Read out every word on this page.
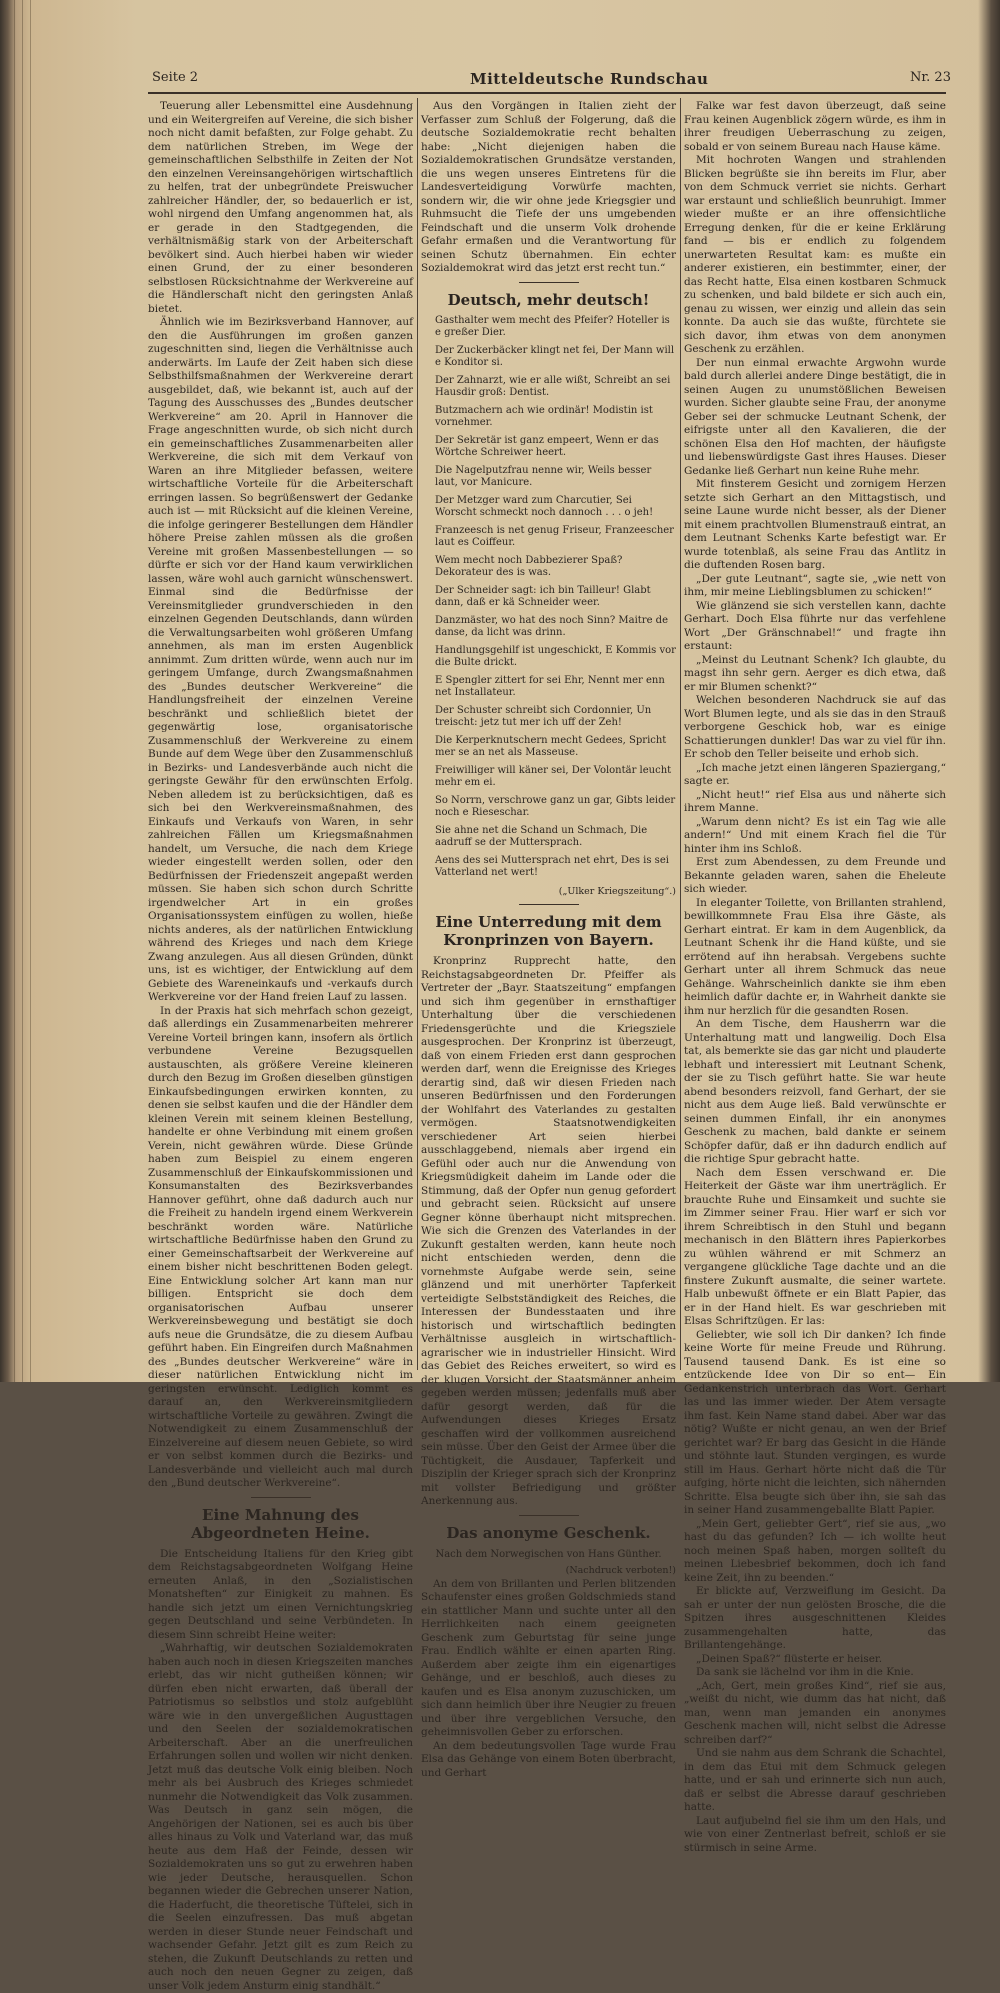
Seite 2	Mitteldeutsche Rundschau	Nr. 23

Teuerung aller Lebensmittel eine Ausdehnung und ein Weitergreifen auf Vereine, die sich bisher noch nicht damit befaßten, zur Folge gehabt. Zu dem natürlichen Streben, im Wege der gemeinschaftlichen Selbsthilfe in Zeiten der Not den einzelnen Vereinsangehörigen wirtschaftlich zu helfen, trat der unbegründete Preiswucher zahlreicher Händler, der, so bedauerlich er ist, wohl nirgend den Umfang angenommen hat, als er gerade in den Stadtgegenden, die verhältnismäßig stark von der Arbeiterschaft bevölkert sind. Auch hierbei haben wir wieder einen Grund, der zu einer besonderen selbstlosen Rücksichtnahme der Werkvereine auf die Händlerschaft nicht den geringsten Anlaß bietet.

Ähnlich wie im Bezirksverband Hannover, auf den die Ausführungen im großen ganzen zugeschnitten sind, liegen die Verhältnisse auch anderwärts. Im Laufe der Zeit haben sich diese Selbsthilfsmaßnahmen der Werkvereine derart ausgebildet, daß, wie bekannt ist, auch auf der Tagung des Ausschusses des „Bundes deutscher Werkvereine“ am 20. April in Hannover die Frage angeschnitten wurde, ob sich nicht durch ein gemeinschaftliches Zusammenarbeiten aller Werkvereine, die sich mit dem Verkauf von Waren an ihre Mitglieder befassen, weitere wirtschaftliche Vorteile für die Arbeiterschaft erringen lassen. So begrüßenswert der Gedanke auch ist — mit Rücksicht auf die kleinen Vereine, die infolge geringerer Bestellungen dem Händler höhere Preise zahlen müssen als die großen Vereine mit großen Massenbestellungen — so dürfte er sich vor der Hand kaum verwirklichen lassen, wäre wohl auch garnicht wünschenswert. Einmal sind die Bedürfnisse der Vereinsmitglieder grundverschieden in den einzelnen Gegenden Deutschlands, dann würden die Verwaltungsarbeiten wohl größeren Umfang annehmen, als man im ersten Augenblick annimmt. Zum dritten würde, wenn auch nur im geringem Umfange, durch Zwangsmaßnahmen des „Bundes deutscher Werkvereine“ die Handlungsfreiheit der einzelnen Vereine beschränkt und schließlich bietet der gegenwärtig lose, organisatorische Zusammenschluß der Werkvereine zu einem Bunde auf dem Wege über den Zusammenschluß in Bezirks- und Landesverbände auch nicht die geringste Gewähr für den erwünschten Erfolg. Neben alledem ist zu berücksichtigen, daß es sich bei den Werkvereinsmaßnahmen, des Einkaufs und Verkaufs von Waren, in sehr zahlreichen Fällen um Kriegsmaßnahmen handelt, um Versuche, die nach dem Kriege wieder eingestellt werden sollen, oder den Bedürfnissen der Friedenszeit angepaßt werden müssen. Sie haben sich schon durch Schritte irgendwelcher Art in ein großes Organisationssystem einfügen zu wollen, hieße nichts anderes, als der natürlichen Entwicklung während des Krieges und nach dem Kriege Zwang anzulegen. Aus all diesen Gründen, dünkt uns, ist es wichtiger, der Entwicklung auf dem Gebiete des Wareneinkaufs und -verkaufs durch Werkvereine vor der Hand freien Lauf zu lassen.

In der Praxis hat sich mehrfach schon gezeigt, daß allerdings ein Zusammenarbeiten mehrerer Vereine Vorteil bringen kann, insofern als örtlich verbundene Vereine Bezugsquellen austauschten, als größere Vereine kleineren durch den Bezug im Großen dieselben günstigen Einkaufsbedingungen erwirken konnten, zu denen sie selbst kaufen und die der Händler dem kleinen Verein mit seinem kleinen Bestellung, handelte er ohne Verbindung mit einem großen Verein, nicht gewähren würde. Diese Gründe haben zum Beispiel zu einem engeren Zusammenschluß der Einkaufskommissionen und Konsumanstalten des Bezirksverbandes Hannover geführt, ohne daß dadurch auch nur die Freiheit zu handeln irgend einem Werkverein beschränkt worden wäre. Natürliche wirtschaftliche Bedürfnisse haben den Grund zu einer Gemeinschaftsarbeit der Werkvereine auf einem bisher nicht beschrittenen Boden gelegt. Eine Entwicklung solcher Art kann man nur billigen. Entspricht sie doch dem organisatorischen Aufbau unserer Werkvereinsbewegung und bestätigt sie doch aufs neue die Grundsätze, die zu diesem Aufbau geführt haben. Ein Eingreifen durch Maßnahmen des „Bundes deutscher Werkvereine“ wäre in dieser natürlichen Entwicklung nicht im geringsten erwünscht. Lediglich kommt es darauf an, den Werkvereinsmitgliedern wirtschaftliche Vorteile zu gewähren. Zwingt die Notwendigkeit zu einem Zusammenschluß der Einzelvereine auf diesem neuen Gebiete, so wird er von selbst kommen durch die Bezirks- und Landesverbände und vielleicht auch mal durch den „Bund deutscher Werkvereine“.

Eine Mahnung des Abgeordneten Heine.

Die Entscheidung Italiens für den Krieg gibt dem Reichstagsabgeordneten Wolfgang Heine erneuten Anlaß, in den „Sozialistischen Monatsheften“ zur Einigkeit zu mahnen. Es handle sich jetzt um einen Vernichtungskrieg gegen Deutschland und seine Verbündeten. In diesem Sinn schreibt Heine weiter:

„Wahrhaftig, wir deutschen Sozialdemokraten haben auch noch in diesen Kriegszeiten manches erlebt, das wir nicht gutheißen können; wir dürfen eben nicht erwarten, daß überall der Patriotismus so selbstlos und stolz aufgeblüht wäre wie in den unvergeßlichen Augusttagen und den Seelen der sozialdemokratischen Arbeiterschaft. Aber an die unerfreulichen Erfahrungen sollen und wollen wir nicht denken. Jetzt muß das deutsche Volk einig bleiben. Noch mehr als bei Ausbruch des Krieges schmiedet nunmehr die Notwendigkeit das Volk zusammen. Was Deutsch in ganz sein mögen, die Angehörigen der Nationen, sei es auch bis über alles hinaus zu Volk und Vaterland war, das muß heute aus dem Haß der Feinde, dessen wir Sozialdemokraten uns so gut zu erwehren haben wie jeder Deutsche, herausquellen. Schon begannen wieder die Gebrechen unserer Nation, die Haderfucht, die theoretische Tüftelei, sich in die Seelen einzufressen. Das muß abgetan werden in dieser Stunde neuer Feindschaft und wachsender Gefahr. Jetzt gilt es zum Reich zu stehen, die Zukunft Deutschlands zu retten und auch noch den neuen Gegner zu zeigen, daß unser Volk jedem Ansturm einig standhält.“

Aus den Vorgängen in Italien zieht der Verfasser zum Schluß der Folgerung, daß die deutsche Sozialdemokratie recht behalten habe: „Nicht diejenigen haben die Sozialdemokratischen Grundsätze verstanden, die uns wegen unseres Eintretens für die Landesverteidigung Vorwürfe machten, sondern wir, die wir ohne jede Kriegsgier und Ruhmsucht die Tiefe der uns umgebenden Feindschaft und die unserm Volk drohende Gefahr ermaßen und die Verantwortung für seinen Schutz übernahmen. Ein echter Sozialdemokrat wird das jetzt erst recht tun.“

Deutsch, mehr deutsch!

Gasthalter wem mecht des Pfeifer? Hoteller is e greßer Dier.

Der Zuckerbäcker klingt net fei, Der Mann will e Konditor si.

Der Zahnarzt, wie er alle wißt, Schreibt an sei Hausdir groß: Dentist.

Butzmachern ach wie ordinär! Modistin ist vornehmer.

Der Sekretär ist ganz empeert, Wenn er das Wörtche Schreiwer heert.

Die Nagelputzfrau nenne wir, Weils besser laut, vor Manicure.

Der Metzger ward zum Charcutier, Sei Worscht schmeckt noch dannoch . . . o jeh!

Franzeesch is net genug Friseur, Franzeescher laut es Coiffeur.

Wem mecht noch Dabbezierer Spaß? Dekorateur des is was.

Der Schneider sagt: ich bin Tailleur! Glabt dann, daß er kä Schneider weer.

Danzmäster, wo hat des noch Sinn? Maitre de danse, da licht was drinn.

Handlungsgehilf ist ungeschickt, E Kommis vor die Bulte drickt.

E Spengler zittert for sei Ehr, Nennt mer enn net Installateur.

Der Schuster schreibt sich Cordonnier, Un treischt: jetz tut mer ich uff der Zeh!

Die Kerperknutschern mecht Gedees, Spricht mer se an net als Masseuse.

Freiwilliger will käner sei, Der Volontär leucht mehr em ei.

So Norrn, verschrowe ganz un gar, Gibts leider noch e Rieseschar.

Sie ahne net die Schand un Schmach, Die aadruff se der Muttersprach.

Aens des sei Muttersprach net ehrt, Des is sei Vatterland net wert!

(„Ulker Kriegszeitung“.)

Eine Unterredung mit dem Kronprinzen von Bayern.

Kronprinz Rupprecht hatte, den Reichstagsabgeordneten Dr. Pfeiffer als Vertreter der „Bayr. Staatszeitung“ empfangen und sich ihm gegenüber in ernsthaftiger Unterhaltung über die verschiedenen Friedensgerüchte und die Kriegsziele ausgesprochen. Der Kronprinz ist überzeugt, daß von einem Frieden erst dann gesprochen werden darf, wenn die Ereignisse des Krieges derartig sind, daß wir diesen Frieden nach unseren Bedürfnissen und den Forderungen der Wohlfahrt des Vaterlandes zu gestalten vermögen. Staatsnotwendigkeiten verschiedener Art seien hierbei ausschlaggebend, niemals aber irgend ein Gefühl oder auch nur die Anwendung von Kriegsmüdigkeit daheim im Lande oder die Stimmung, daß der Opfer nun genug gefordert und gebracht seien. Rücksicht auf unsere Gegner könne überhaupt nicht mitsprechen. Wie sich die Grenzen des Vaterlandes in der Zukunft gestalten werden, kann heute noch nicht entschieden werden, denn die vornehmste Aufgabe werde sein, seine glänzend und mit unerhörter Tapferkeit verteidigte Selbstständigkeit des Reiches, die Interessen der Bundesstaaten und ihre historisch und wirtschaftlich bedingten Verhältnisse ausgleich in wirtschaftlich-agrarischer wie in industrieller Hinsicht. Wird das Gebiet des Reiches erweitert, so wird es der klugen Vorsicht der Staatsmänner anheim gegeben werden müssen; jedenfalls muß aber dafür gesorgt werden, daß für die Aufwendungen dieses Krieges Ersatz geschaffen wird der vollkommen ausreichend sein müsse. Über den Geist der Armee über die Tüchtigkeit, die Ausdauer, Tapferkeit und Disziplin der Krieger sprach sich der Kronprinz mit vollster Befriedigung und größter Anerkennung aus.

Das anonyme Geschenk.

Nach dem Norwegischen von Hans Günther.

(Nachdruck verboten!)

An dem von Brillanten und Perlen blitzenden Schaufenster eines großen Goldschmieds stand ein stattlicher Mann und suchte unter all den Herrlichkeiten nach einem geeigneten Geschenk zum Geburtstag für seine junge Frau. Endlich wählte er einen aparten Ring. Außerdem aber zeigte ihm ein eigenartiges Gehänge, und er beschloß, auch dieses zu kaufen und es Elsa anonym zuzuschicken, um sich dann heimlich über ihre Neugier zu freuen und über ihre vergeblichen Versuche, den geheimnisvollen Geber zu erforschen.

An dem bedeutungsvollen Tage wurde Frau Elsa das Gehänge von einem Boten überbracht, und Gerhart

Falke war fest davon überzeugt, daß seine Frau keinen Augenblick zögern würde, es ihm in ihrer freudigen Ueberraschung zu zeigen, sobald er von seinem Bureau nach Hause käme.

Mit hochroten Wangen und strahlenden Blicken begrüßte sie ihn bereits im Flur, aber von dem Schmuck verriet sie nichts. Gerhart war erstaunt und schließlich beunruhigt. Immer wieder mußte er an ihre offensichtliche Erregung denken, für die er keine Erklärung fand — bis er endlich zu folgendem unerwarteten Resultat kam: es mußte ein anderer existieren, ein bestimmter, einer, der das Recht hatte, Elsa einen kostbaren Schmuck zu schenken, und bald bildete er sich auch ein, genau zu wissen, wer einzig und allein das sein konnte. Da auch sie das wußte, fürchtete sie sich davor, ihm etwas von dem anonymen Geschenk zu erzählen.

Der nun einmal erwachte Argwohn wurde bald durch allerlei andere Dinge bestätigt, die in seinen Augen zu unumstößlichen Beweisen wurden. Sicher glaubte seine Frau, der anonyme Geber sei der schmucke Leutnant Schenk, der eifrigste unter all den Kavalieren, die der schönen Elsa den Hof machten, der häufigste und liebenswürdigste Gast ihres Hauses. Dieser Gedanke ließ Gerhart nun keine Ruhe mehr.

Mit finsterem Gesicht und zornigem Herzen setzte sich Gerhart an den Mittagstisch, und seine Laune wurde nicht besser, als der Diener mit einem prachtvollen Blumenstrauß eintrat, an dem Leutnant Schenks Karte befestigt war. Er wurde totenblaß, als seine Frau das Antlitz in die duftenden Rosen barg.

„Der gute Leutnant“, sagte sie, „wie nett von ihm, mir meine Lieblingsblumen zu schicken!“

Wie glänzend sie sich verstellen kann, dachte Gerhart. Doch Elsa führte nur das verfehlene Wort „Der Gränschnabel!“ und fragte ihn erstaunt:

„Meinst du Leutnant Schenk? Ich glaubte, du magst ihn sehr gern. Aerger es dich etwa, daß er mir Blumen schenkt?“

Welchen besonderen Nachdruck sie auf das Wort Blumen legte, und als sie das in den Strauß verborgene Geschick hob, war es einige Schattierungen dunkler! Das war zu viel für ihn. Er schob den Teller beiseite und erhob sich.

„Ich mache jetzt einen längeren Spaziergang,“ sagte er.

„Nicht heut!“ rief Elsa aus und näherte sich ihrem Manne.

„Warum denn nicht? Es ist ein Tag wie alle andern!“ Und mit einem Krach fiel die Tür hinter ihm ins Schloß.

Erst zum Abendessen, zu dem Freunde und Bekannte geladen waren, sahen die Eheleute sich wieder.

In eleganter Toilette, von Brillanten strahlend, bewillkommnete Frau Elsa ihre Gäste, als Gerhart eintrat. Er kam in dem Augenblick, da Leutnant Schenk ihr die Hand küßte, und sie errötend auf ihn herabsah. Vergebens suchte Gerhart unter all ihrem Schmuck das neue Gehänge. Wahrscheinlich dankte sie ihm eben heimlich dafür dachte er, in Wahrheit dankte sie ihm nur herzlich für die gesandten Rosen.

An dem Tische, dem Hausherrn war die Unterhaltung matt und langweilig. Doch Elsa tat, als bemerkte sie das gar nicht und plauderte lebhaft und interessiert mit Leutnant Schenk, der sie zu Tisch geführt hatte. Sie war heute abend besonders reizvoll, fand Gerhart, der sie nicht aus dem Auge ließ. Bald verwünschte er seinen dummen Einfall, ihr ein anonymes Geschenk zu machen, bald dankte er seinem Schöpfer dafür, daß er ihn dadurch endlich auf die richtige Spur gebracht hatte.

Nach dem Essen verschwand er. Die Heiterkeit der Gäste war ihm unerträglich. Er brauchte Ruhe und Einsamkeit und suchte sie im Zimmer seiner Frau. Hier warf er sich vor ihrem Schreibtisch in den Stuhl und begann mechanisch in den Blättern ihres Papierkorbes zu wühlen während er mit Schmerz an vergangene glückliche Tage dachte und an die finstere Zukunft ausmalte, die seiner wartete. Halb unbewußt öffnete er ein Blatt Papier, das er in der Hand hielt. Es war geschrieben mit Elsas Schriftzügen. Er las:

Geliebter, wie soll ich Dir danken? Ich finde keine Worte für meine Freude und Rührung. Tausend tausend Dank. Es ist eine so entzückende Idee von Dir so ent— Ein Gedankenstrich unterbrach das Wort. Gerhart las und las immer wieder. Der Atem versagte ihm fast. Kein Name stand dabei. Aber war das nötig? Wußte er nicht genau, an wen der Brief gerichtet war? Er barg das Gesicht in die Hände und stöhnte laut. Stunden vergingen, es wurde still im Haus. Gerhart hörte nicht daß die Tür aufging, hörte nicht die leichten, sich nähernden Schritte. Elsa beugte sich über ihn, sie sah das in seiner Hand zusammengeballte Blatt Papier.

„Mein Gert, geliebter Gert“, rief sie aus, „wo hast du das gefunden? Ich — ich wollte heut noch meinen Spaß haben, morgen sollteſt du meinen Liebesbrief bekommen, doch ich fand keine Zeit, ihn zu beenden.“

Er blickte auf, Verzweiflung im Gesicht. Da sah er unter der nun gelösten Brosche, die die Spitzen ihres ausgeschnittenen Kleides zusammengehalten hatte, das Brillantengehänge.

„Deinen Spaß?“ flüsterte er heiser.

Da sank sie lächelnd vor ihm in die Knie.

„Ach, Gert, mein großes Kind“, rief sie aus, „weißt du nicht, wie dumm das hat nicht, daß man, wenn man jemanden ein anonymes Geschenk machen will, nicht selbst die Adresse schreiben darf?“

Und sie nahm aus dem Schrank die Schachtel, in dem das Etui mit dem Schmuck gelegen hatte, und er sah und erinnerte sich nun auch, daß er selbst die Abresse darauf geschrieben hatte.

Laut aufjubelnd fiel sie ihm um den Hals, und wie von einer Zentnerlast befreit, schloß er sie stürmisch in seine Arme.
